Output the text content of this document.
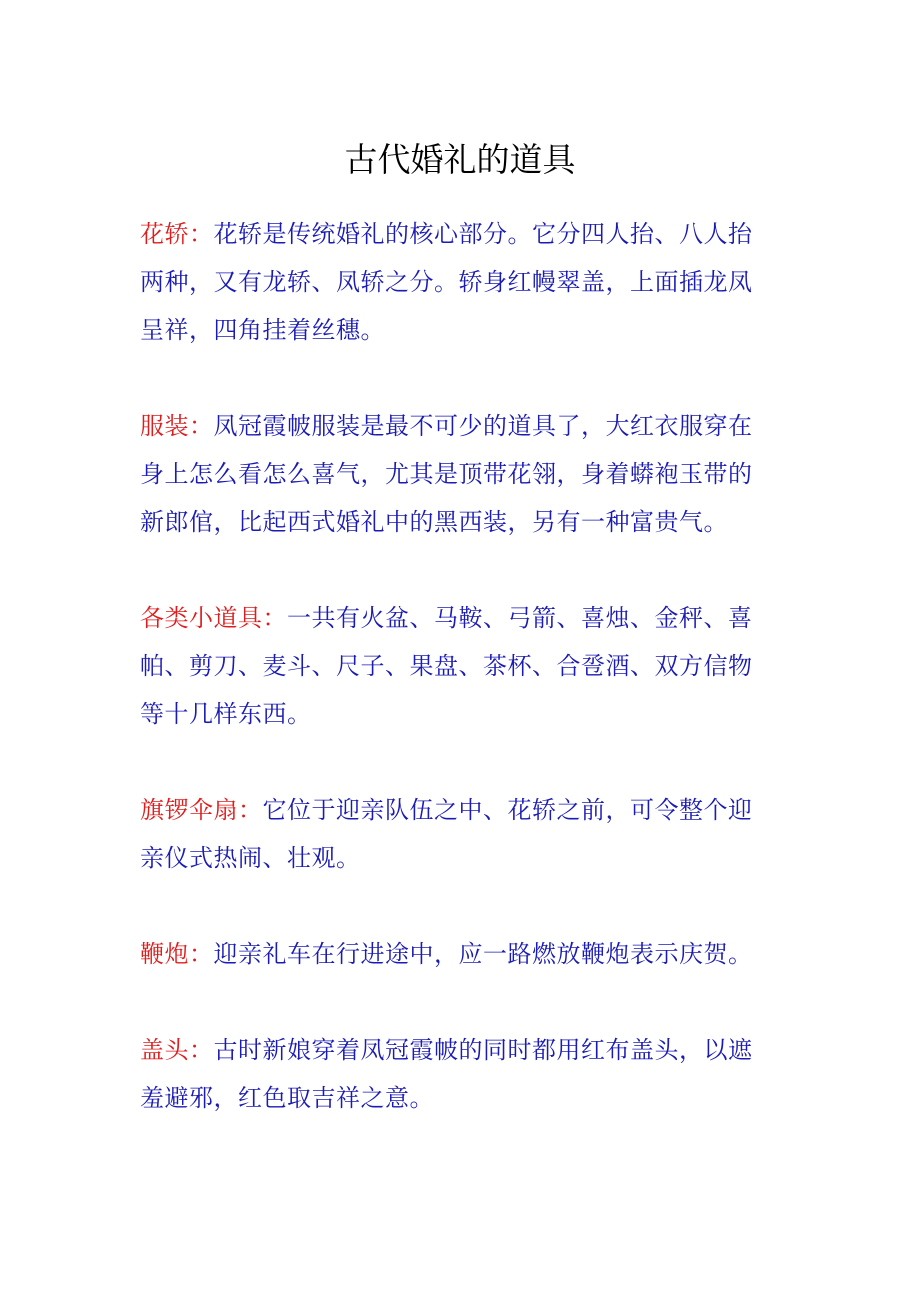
古代婚礼的道具

花轿：花轿是传统婚礼的核心部分。它分四人抬、八人抬两种，又有龙轿、凤轿之分。轿身红幔翠盖，上面插龙凤呈祥，四角挂着丝穗。

服装：凤冠霞帔服装是最不可少的道具了，大红衣服穿在身上怎么看怎么喜气，尤其是顶带花翎，身着蟒袍玉带的新郎倌，比起西式婚礼中的黑西装，另有一种富贵气。

各类小道具：一共有火盆、马鞍、弓箭、喜烛、金秤、喜帕、剪刀、麦斗、尺子、果盘、茶杯、合卺酒、双方信物等十几样东西。

旗锣伞扇：它位于迎亲队伍之中、花轿之前，可令整个迎亲仪式热闹、壮观。

鞭炮：迎亲礼车在行进途中，应一路燃放鞭炮表示庆贺。

盖头：古时新娘穿着凤冠霞帔的同时都用红布盖头，以遮羞避邪，红色取吉祥之意。
